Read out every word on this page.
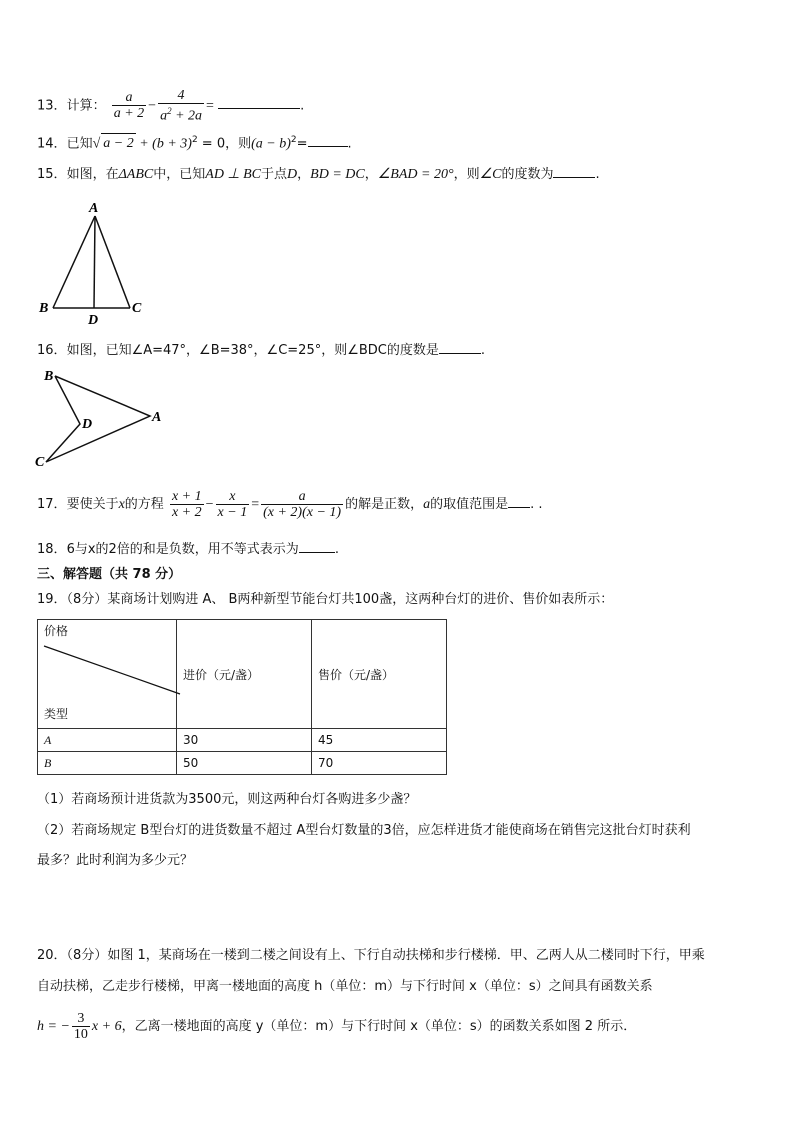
13．计算： $\frac{a}{a + 2} - \frac{4}{a^2 + 2a}$ =	.
14．已知√ $a - 2 + (b + 3)^2 = 0$，则$(a - b)^2=$	.
15．如图，在ΔABC中，已知AD ⊥ BC于点D，BD = DC，∠BAD = 20°，则∠C的度数为	.
A
B	C
D
16．如图，已知∠A=47°，∠B=38°，∠C=25°，则∠BDC的度数是	.
B
A
C
D
17．要使关于x的方程 $\frac{x + 1}{x + 2} - \frac{x}{x - 1} = \frac{a}{(x + 2)(x - 1)}$ 的解是正数，a的取值范围是 . .
18．6与x的2倍的和是负数，用不等式表示为	.
三、解答题（共 78 分）
19．（8分）某商场计划购进 A、 B两种新型节能台灯共100盏，这两种台灯的进价、售价如表所示：
价格
类型	进价（元/盏）	售价（元/盏）
A	30	45
B	50	70
（1）若商场预计进货款为3500元，则这两种台灯各购进多少盏？
（2）若商场规定 B型台灯的进货数量不超过 A型台灯数量的3倍，应怎样进货才能使商场在销售完这批台灯时获利
最多？此时利润为多少元？
20．（8分）如图 1，某商场在一楼到二楼之间设有上、下行自动扶梯和步行楼梯．甲、乙两人从二楼同时下行，甲乘
自动扶梯，乙走步行楼梯，甲离一楼地面的高度 h（单位：m）与下行时间 x（单位：s）之间具有函数关系
h = − $\frac{3}{10}$ x + 6，乙离一楼地面的高度 y（单位：m）与下行时间 x（单位：s）的函数关系如图 2 所示．
